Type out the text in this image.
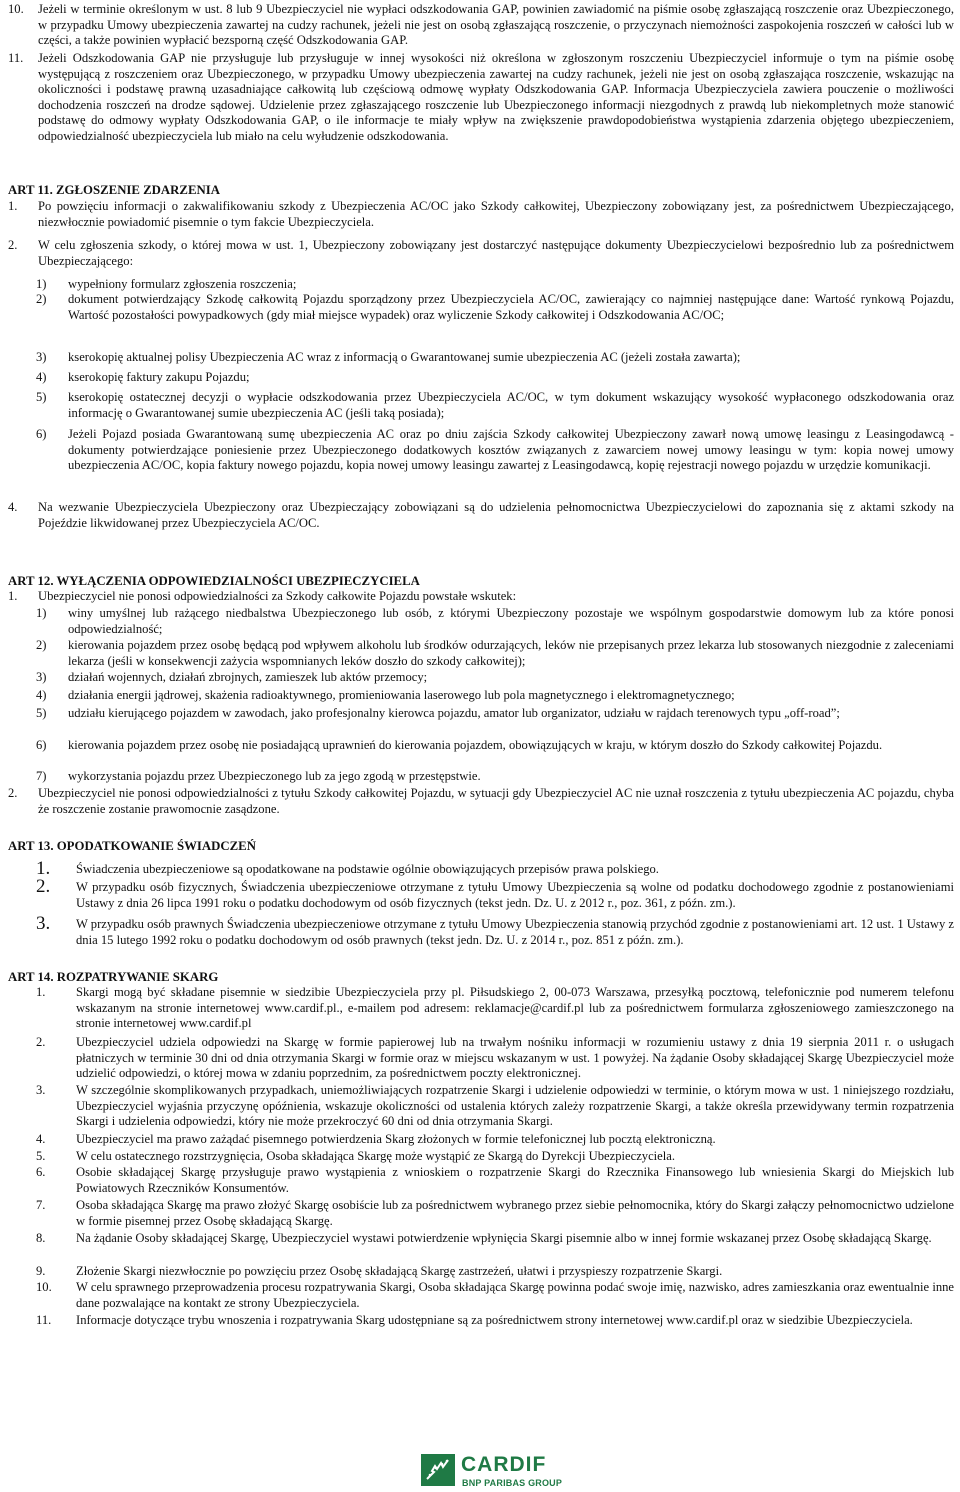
10.	Jeżeli w terminie określonym w ust. 8 lub 9 Ubezpieczyciel nie wypłaci odszkodowania GAP, powinien zawiadomić na piśmie osobę zgłaszającą roszczenie oraz Ubezpieczonego, w przypadku Umowy ubezpieczenia zawartej na cudzy rachunek, jeżeli nie jest on osobą zgłaszającą roszczenie, o przyczynach niemożności zaspokojenia roszczeń w całości lub w części, a także powinien wypłacić bezsporną część Odszkodowania GAP.
11.	Jeżeli Odszkodowania GAP nie przysługuje lub przysługuje w innej wysokości niż określona w zgłoszonym roszczeniu Ubezpieczyciel informuje o tym na piśmie osobę występującą z roszczeniem oraz Ubezpieczonego, w przypadku Umowy ubezpieczenia zawartej na cudzy rachunek, jeżeli nie jest on osobą zgłaszająca roszczenie, wskazując na okoliczności i podstawę prawną uzasadniające całkowitą lub częściową odmowę wypłaty Odszkodowania GAP. Informacja Ubezpieczyciela zawiera pouczenie o możliwości dochodzenia roszczeń na drodze sądowej. Udzielenie przez zgłaszającego roszczenie lub Ubezpieczonego informacji niezgodnych z prawdą lub niekompletnych może stanowić podstawę do odmowy wypłaty Odszkodowania GAP, o ile informacje te miały wpływ na zwiększenie prawdopodobieństwa wystąpienia zdarzenia objętego ubezpieczeniem, odpowiedzialność ubezpieczyciela lub miało na celu wyłudzenie odszkodowania.
ART 11. ZGŁOSZENIE ZDARZENIA
1.	Po powzięciu informacji o zakwalifikowaniu szkody z Ubezpieczenia AC/OC jako Szkody całkowitej, Ubezpieczony zobowiązany jest, za pośrednictwem Ubezpieczającego, niezwłocznie powiadomić pisemnie o tym fakcie Ubezpieczyciela.
2.	W celu zgłoszenia szkody, o której mowa w ust. 1, Ubezpieczony zobowiązany jest dostarczyć następujące dokumenty Ubezpieczycielowi bezpośrednio lub za pośrednictwem Ubezpieczającego:
1)	wypełniony formularz zgłoszenia roszczenia;
2)	dokument potwierdzający Szkodę całkowitą Pojazdu sporządzony przez Ubezpieczyciela AC/OC, zawierający co najmniej następujące dane: Wartość rynkową Pojazdu, Wartość pozostałości powypadkowych (gdy miał miejsce wypadek) oraz wyliczenie Szkody całkowitej i Odszkodowania AC/OC;
3)	kserokopię aktualnej polisy Ubezpieczenia AC wraz z informacją o Gwarantowanej sumie ubezpieczenia AC (jeżeli została zawarta);
4)	kserokopię faktury zakupu Pojazdu;
5)	kserokopię ostatecznej decyzji o wypłacie odszkodowania przez Ubezpieczyciela AC/OC, w tym dokument wskazujący wysokość wypłaconego odszkodowania oraz informację o Gwarantowanej sumie ubezpieczenia AC (jeśli taką posiada);
6)	Jeżeli Pojazd posiada Gwarantowaną sumę ubezpieczenia AC oraz po dniu zajścia Szkody całkowitej Ubezpieczony zawarł nową umowę leasingu z Leasingodawcą - dokumenty potwierdzające poniesienie przez Ubezpieczonego dodatkowych kosztów związanych z zawarciem nowej umowy leasingu w tym: kopia nowej umowy ubezpieczenia AC/OC, kopia faktury nowego pojazdu, kopia nowej umowy leasingu zawartej z Leasingodawcą, kopię rejestracji nowego pojazdu w urzędzie komunikacji.
4.	Na wezwanie Ubezpieczyciela Ubezpieczony oraz Ubezpieczający zobowiązani są do udzielenia pełnomocnictwa Ubezpieczycielowi do zapoznania się z aktami szkody na Pojeździe likwidowanej przez Ubezpieczyciela AC/OC.
ART 12. WYŁĄCZENIA ODPOWIEDZIALNOŚCI UBEZPIECZYCIELA
1.	Ubezpieczyciel nie ponosi odpowiedzialności za Szkody całkowite Pojazdu powstałe wskutek:
1)	winy umyślnej lub rażącego niedbalstwa Ubezpieczonego lub osób, z którymi Ubezpieczony pozostaje we wspólnym gospodarstwie domowym lub za które ponosi odpowiedzialność;
2)	kierowania pojazdem przez osobę będącą pod wpływem alkoholu lub środków odurzających, leków nie przepisanych przez lekarza lub stosowanych niezgodnie z zaleceniami lekarza (jeśli w konsekwencji zażycia wspomnianych leków doszło do szkody całkowitej);
3)	działań wojennych, działań zbrojnych, zamieszek lub aktów przemocy;
4)	działania energii jądrowej, skażenia radioaktywnego, promieniowania laserowego lub pola magnetycznego i elektromagnetycznego;
5)	udziału kierującego pojazdem w zawodach, jako profesjonalny kierowca pojazdu, amator lub organizator, udziału w rajdach terenowych typu „off-road”;
6)	kierowania pojazdem przez osobę nie posiadającą uprawnień do kierowania pojazdem, obowiązujących w kraju, w którym doszło do Szkody całkowitej Pojazdu.
7)	wykorzystania pojazdu przez Ubezpieczonego lub za jego zgodą w przestępstwie.
2.	Ubezpieczyciel nie ponosi odpowiedzialności z tytułu Szkody całkowitej Pojazdu, w sytuacji gdy Ubezpieczyciel AC nie uznał roszczenia z tytułu ubezpieczenia AC pojazdu, chyba że roszczenie zostanie prawomocnie zasądzone.
ART 13. OPODATKOWANIE ŚWIADCZEŃ
1.	Świadczenia ubezpieczeniowe są opodatkowane na podstawie ogólnie obowiązujących przepisów prawa polskiego.
2.	W przypadku osób fizycznych, Świadczenia ubezpieczeniowe otrzymane z tytułu Umowy Ubezpieczenia są wolne od podatku dochodowego zgodnie z postanowieniami Ustawy z dnia 26 lipca 1991 roku o podatku dochodowym od osób fizycznych (tekst jedn. Dz. U. z 2012 r., poz. 361, z późn. zm.).
3.	W przypadku osób prawnych Świadczenia ubezpieczeniowe otrzymane z tytułu Umowy Ubezpieczenia stanowią przychód zgodnie z postanowieniami art. 12 ust. 1 Ustawy z dnia 15 lutego 1992 roku o podatku dochodowym od osób prawnych (tekst jedn. Dz. U. z 2014 r., poz. 851 z późn. zm.).
ART 14. ROZPATRYWANIE SKARG
1.	Skargi mogą być składane pisemnie w siedzibie Ubezpieczyciela przy pl. Piłsudskiego 2, 00-073 Warszawa, przesyłką pocztową, telefonicznie pod numerem telefonu wskazanym na stronie internetowej www.cardif.pl., e-mailem pod adresem: reklamacje@cardif.pl lub za pośrednictwem formularza zgłoszeniowego zamieszczonego na stronie internetowej www.cardif.pl
2.	Ubezpieczyciel udziela odpowiedzi na Skargę w formie papierowej lub na trwałym nośniku informacji w rozumieniu ustawy z dnia 19 sierpnia 2011 r. o usługach płatniczych w terminie 30 dni od dnia otrzymania Skargi w formie oraz w miejscu wskazanym w ust. 1 powyżej. Na żądanie Osoby składającej Skargę Ubezpieczyciel może udzielić odpowiedzi, o której mowa w zdaniu poprzednim, za pośrednictwem poczty elektronicznej.
3.	W szczególnie skomplikowanych przypadkach, uniemożliwiających rozpatrzenie Skargi i udzielenie odpowiedzi w terminie, o którym mowa w ust. 1 niniejszego rozdziału, Ubezpieczyciel wyjaśnia przyczynę opóźnienia, wskazuje okoliczności od ustalenia których zależy rozpatrzenie Skargi, a także określa przewidywany termin rozpatrzenia Skargi i udzielenia odpowiedzi, który nie może przekroczyć 60 dni od dnia otrzymania Skargi.
4.	Ubezpieczyciel ma prawo zażądać pisemnego potwierdzenia Skarg złożonych w formie telefonicznej lub pocztą elektroniczną.
5.	W celu ostatecznego rozstrzygnięcia, Osoba składająca Skargę może wystąpić ze Skargą do Dyrekcji Ubezpieczyciela.
6.	Osobie składającej Skargę przysługuje prawo wystąpienia z wnioskiem o rozpatrzenie Skargi do Rzecznika Finansowego lub wniesienia Skargi do Miejskich lub Powiatowych Rzeczników Konsumentów.
7.	Osoba składająca Skargę ma prawo złożyć Skargę osobiście lub za pośrednictwem wybranego przez siebie pełnomocnika, który do Skargi załączy pełnomocnictwo udzielone w formie pisemnej przez Osobę składającą Skargę.
8.	Na żądanie Osoby składającej Skargę, Ubezpieczyciel wystawi potwierdzenie wpłynięcia Skargi pisemnie albo w innej formie wskazanej przez Osobę składającą Skargę.
9.	Złożenie Skargi niezwłocznie po powzięciu przez Osobę składającą Skargę zastrzeżeń, ułatwi i przyspieszy rozpatrzenie Skargi.
10.	W celu sprawnego przeprowadzenia procesu rozpatrywania Skargi, Osoba składająca Skargę powinna podać swoje imię, nazwisko, adres zamieszkania oraz ewentualnie inne dane pozwalające na kontakt ze strony Ubezpieczyciela.
11.	Informacje dotyczące trybu wnoszenia i rozpatrywania Skarg udostępniane są za pośrednictwem strony internetowej www.cardif.pl oraz w siedzibie Ubezpieczyciela.
CARDIF
BNP PARIBAS GROUP
